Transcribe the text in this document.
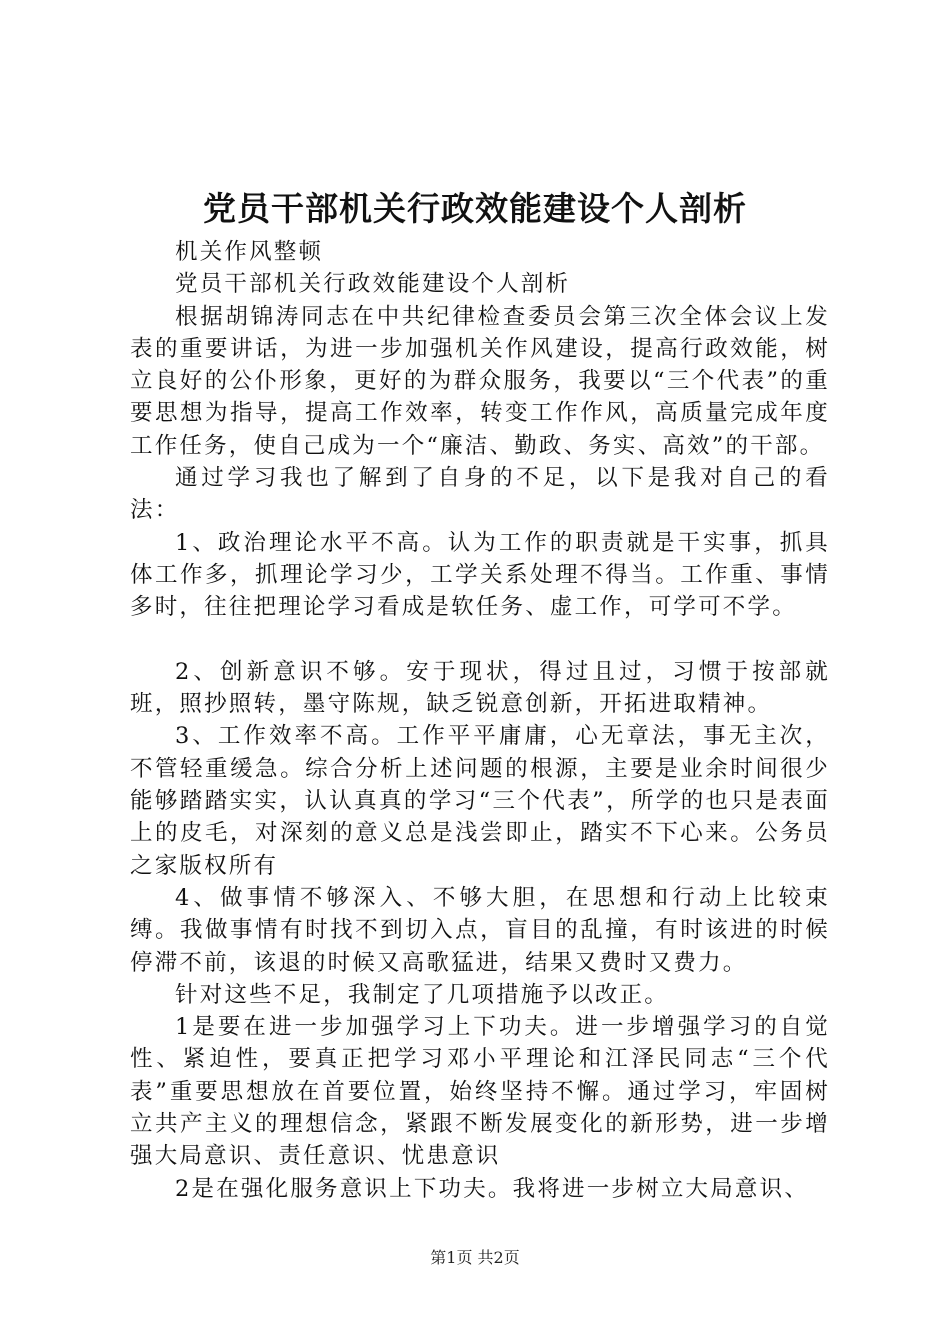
党员干部机关行政效能建设个人剖析

机关作风整顿

党员干部机关行政效能建设个人剖析

根据胡锦涛同志在中共纪律检查委员会第三次全体会议上发表的重要讲话，为进一步加强机关作风建设，提高行政效能，树立良好的公仆形象，更好的为群众服务，我要以“三个代表”的重要思想为指导，提高工作效率，转变工作作风，高质量完成年度工作任务，使自己成为一个“廉洁、勤政、务实、高效”的干部。

通过学习我也了解到了自身的不足，以下是我对自己的看法：

1、政治理论水平不高。认为工作的职责就是干实事，抓具体工作多，抓理论学习少，工学关系处理不得当。工作重、事情多时，往往把理论学习看成是软任务、虚工作，可学可不学。

2、创新意识不够。安于现状，得过且过，习惯于按部就班，照抄照转，墨守陈规，缺乏锐意创新，开拓进取精神。

3、工作效率不高。工作平平庸庸，心无章法，事无主次，不管轻重缓急。综合分析上述问题的根源，主要是业余时间很少能够踏踏实实，认认真真的学习“三个代表”，所学的也只是表面上的皮毛，对深刻的意义总是浅尝即止，踏实不下心来。公务员之家版权所有

4、做事情不够深入、不够大胆，在思想和行动上比较束缚。我做事情有时找不到切入点，盲目的乱撞，有时该进的时候停滞不前，该退的时候又高歌猛进，结果又费时又费力。

针对这些不足，我制定了几项措施予以改正。

1是要在进一步加强学习上下功夫。进一步增强学习的自觉性、紧迫性，要真正把学习邓小平理论和江泽民同志“三个代表”重要思想放在首要位置，始终坚持不懈。通过学习，牢固树立共产主义的理想信念，紧跟不断发展变化的新形势，进一步增强大局意识、责任意识、忧患意识

2是在强化服务意识上下功夫。我将进一步树立大局意识、

第1页 共2页
